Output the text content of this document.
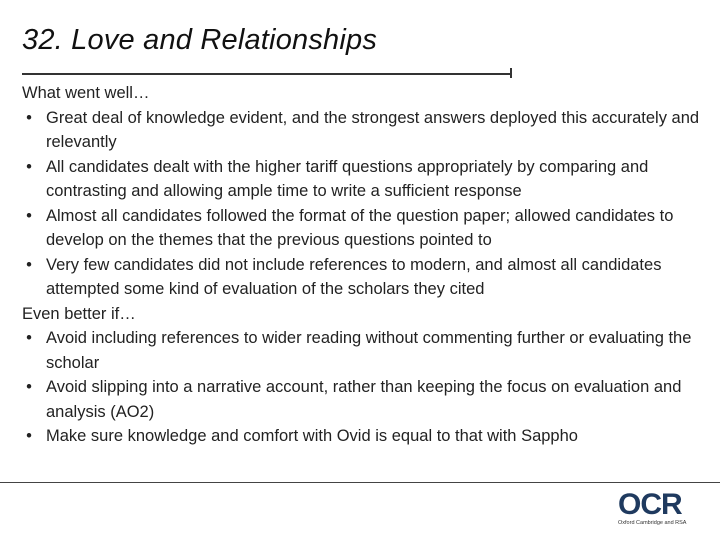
32. Love and Relationships

What went well…

• Great deal of knowledge evident, and the strongest answers deployed this accurately and relevantly
• All candidates dealt with the higher tariff questions appropriately by comparing and contrasting and allowing ample time to write a sufficient response
• Almost all candidates followed the format of the question paper; allowed candidates to develop on the themes that the previous questions pointed to
• Very few candidates did not include references to modern, and almost all candidates attempted some kind of evaluation of the scholars they cited

Even better if…

• Avoid including references to wider reading without commenting further or evaluating the scholar
• Avoid slipping into a narrative account, rather than keeping the focus on evaluation and analysis (AO2)
• Make sure knowledge and comfort with Ovid is equal to that with Sappho
OCR
Oxford Cambridge and RSA
